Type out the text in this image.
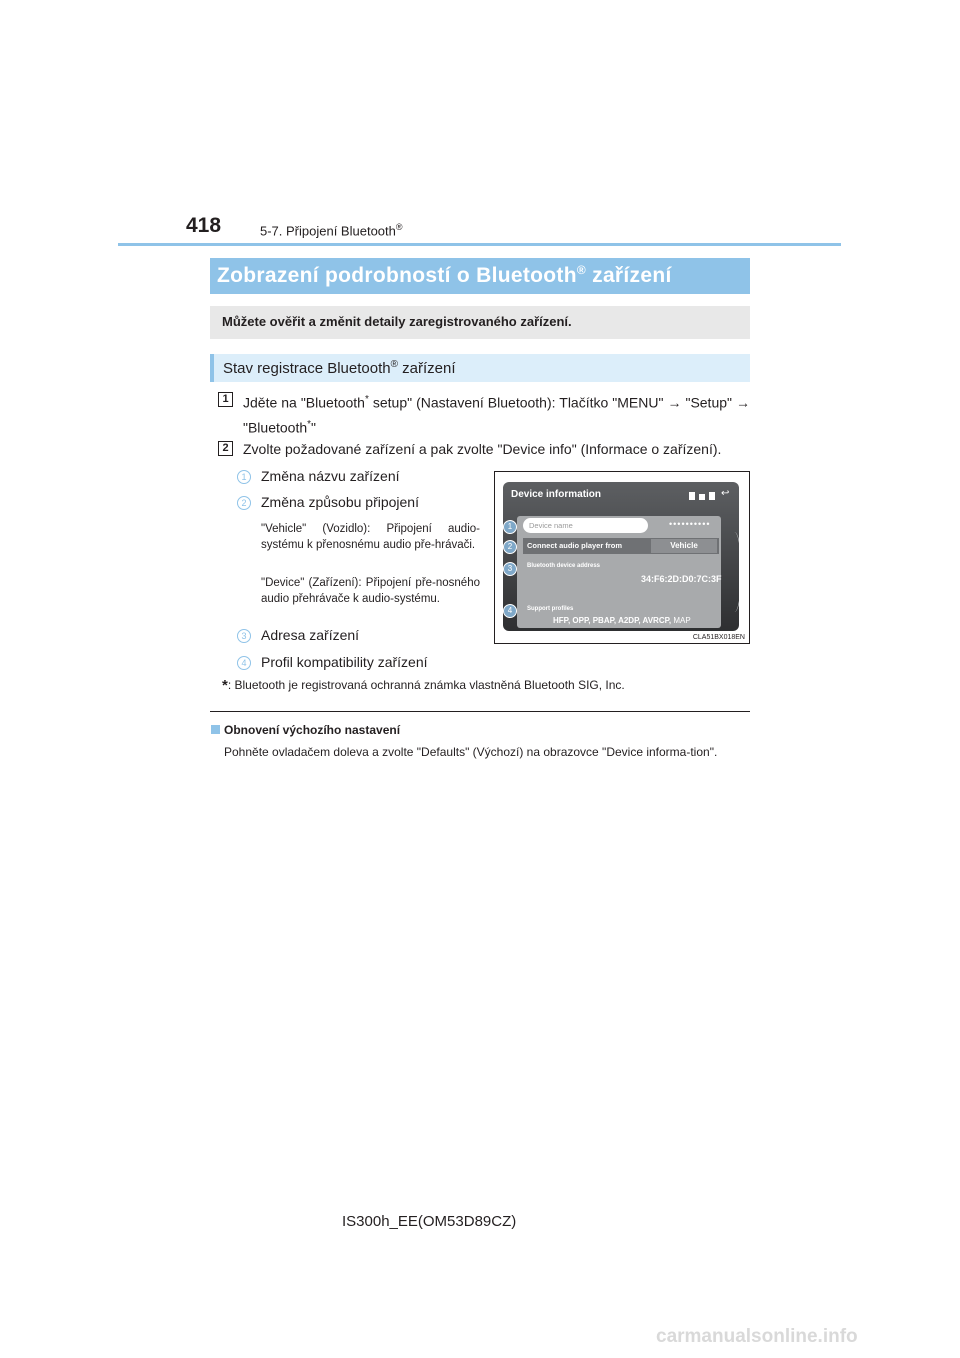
418	5-7. Připojení Bluetooth®
Zobrazení podrobností o Bluetooth® zařízení
Můžete ověřit a změnit detaily zaregistrovaného zařízení.
Stav registrace Bluetooth® zařízení
1	Jděte na "Bluetooth* setup" (Nastavení Bluetooth): Tlačítko "MENU" → "Setup" → "Bluetooth*"
2	Zvolte požadované zařízení a pak zvolte "Device info" (Informace o zařízení).
1	Změna názvu zařízení
2	Změna způsobu připojení
"Vehicle" (Vozidlo): Připojení audio-systému k přenosnému audio pře-hrávači.
"Device" (Zařízení): Připojení pře-nosného audio přehrávače k audio-systému.
3	Adresa zařízení
4	Profil kompatibility zařízení
Device information	↩
1	Device name	••••••••••
2	Connect audio player from	Vehicle
3	Bluetooth device address
34:F6:2D:D0:7C:3F
4	Support profiles
HFP, OPP, PBAP, A2DP, AVRCP, MAP
CLA51BX018EN
*: Bluetooth je registrovaná ochranná známka vlastněná Bluetooth SIG, Inc.
Obnovení výchozího nastavení
Pohněte ovladačem doleva a zvolte "Defaults" (Výchozí) na obrazovce "Device informa-tion".
IS300h_EE(OM53D89CZ)
carmanualsonline.info
